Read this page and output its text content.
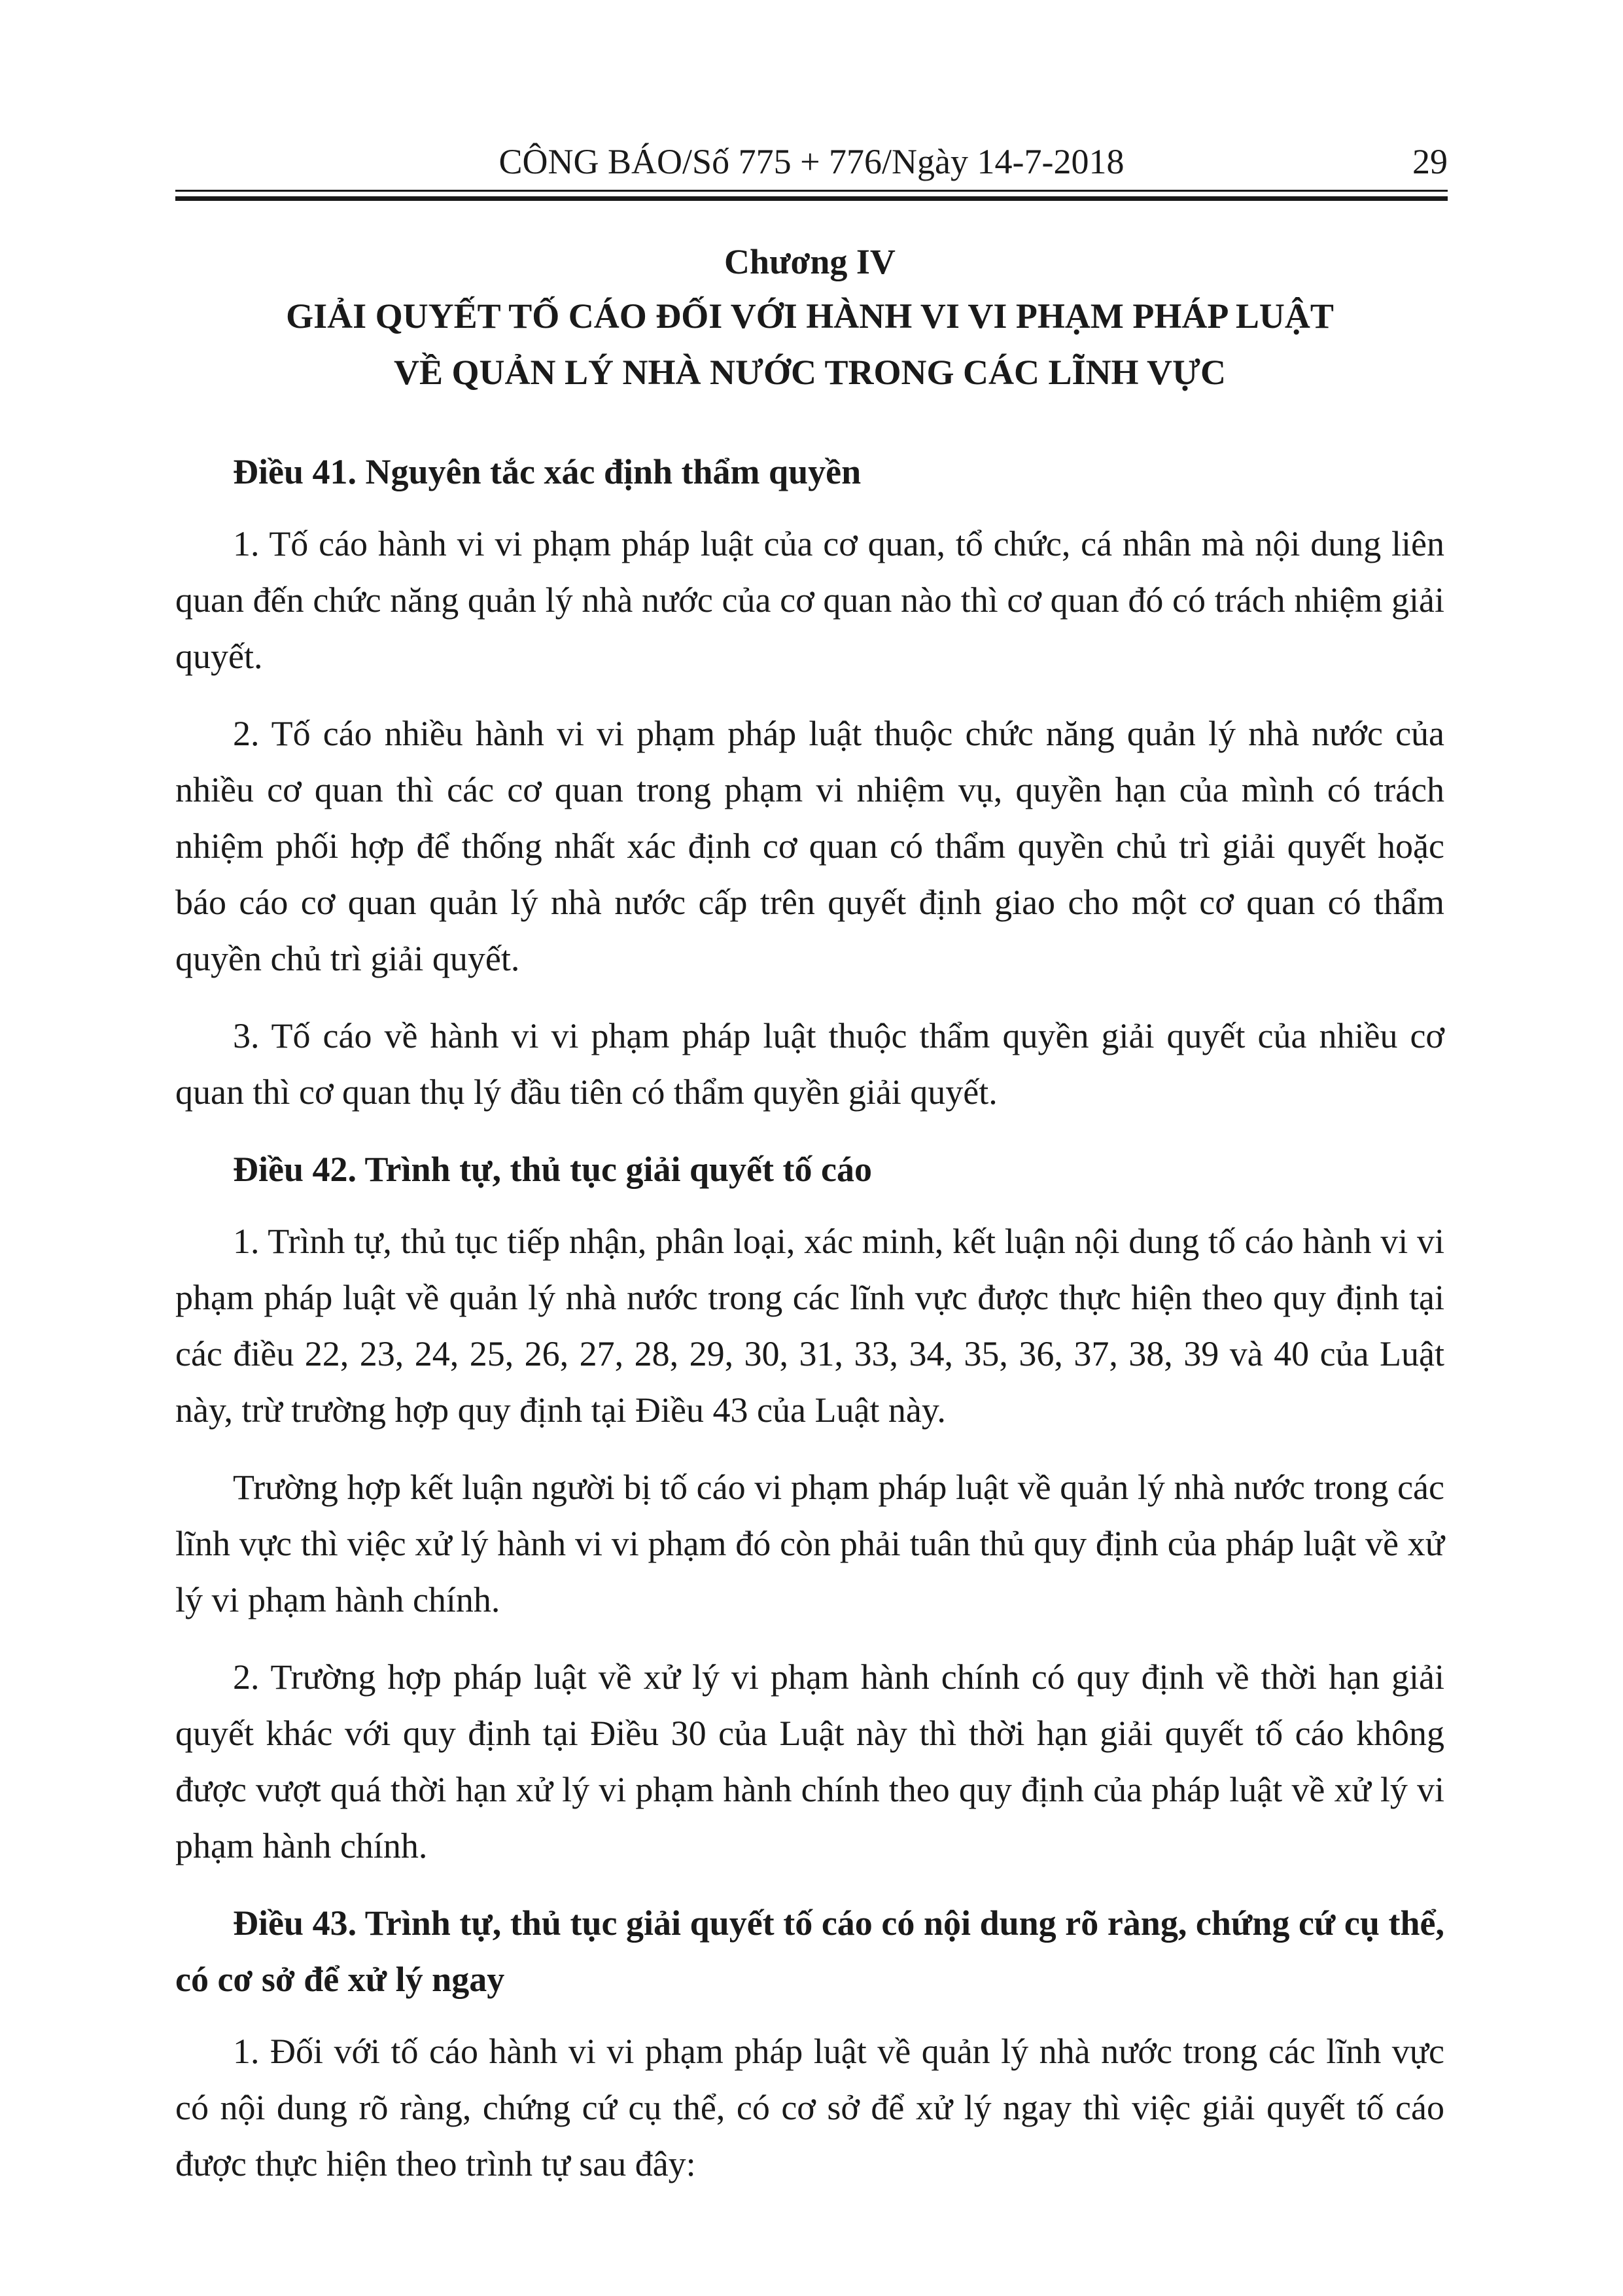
CÔNG BÁO/Số 775 + 776/Ngày 14-7-2018	29
Chương IV
GIẢI QUYẾT TỐ CÁO ĐỐI VỚI HÀNH VI VI PHẠM PHÁP LUẬT
VỀ QUẢN LÝ NHÀ NƯỚC TRONG CÁC LĨNH VỰC
Điều 41. Nguyên tắc xác định thẩm quyền

1. Tố cáo hành vi vi phạm pháp luật của cơ quan, tổ chức, cá nhân mà nội dung liên quan đến chức năng quản lý nhà nước của cơ quan nào thì cơ quan đó có trách nhiệm giải quyết.

2. Tố cáo nhiều hành vi vi phạm pháp luật thuộc chức năng quản lý nhà nước của nhiều cơ quan thì các cơ quan trong phạm vi nhiệm vụ, quyền hạn của mình có trách nhiệm phối hợp để thống nhất xác định cơ quan có thẩm quyền chủ trì giải quyết hoặc báo cáo cơ quan quản lý nhà nước cấp trên quyết định giao cho một cơ quan có thẩm quyền chủ trì giải quyết.

3. Tố cáo về hành vi vi phạm pháp luật thuộc thẩm quyền giải quyết của nhiều cơ quan thì cơ quan thụ lý đầu tiên có thẩm quyền giải quyết.

Điều 42. Trình tự, thủ tục giải quyết tố cáo

1. Trình tự, thủ tục tiếp nhận, phân loại, xác minh, kết luận nội dung tố cáo hành vi vi phạm pháp luật về quản lý nhà nước trong các lĩnh vực được thực hiện theo quy định tại các điều 22, 23, 24, 25, 26, 27, 28, 29, 30, 31, 33, 34, 35, 36, 37, 38, 39 và 40 của Luật này, trừ trường hợp quy định tại Điều 43 của Luật này.

Trường hợp kết luận người bị tố cáo vi phạm pháp luật về quản lý nhà nước trong các lĩnh vực thì việc xử lý hành vi vi phạm đó còn phải tuân thủ quy định của pháp luật về xử lý vi phạm hành chính.

2. Trường hợp pháp luật về xử lý vi phạm hành chính có quy định về thời hạn giải quyết khác với quy định tại Điều 30 của Luật này thì thời hạn giải quyết tố cáo không được vượt quá thời hạn xử lý vi phạm hành chính theo quy định của pháp luật về xử lý vi phạm hành chính.

Điều 43. Trình tự, thủ tục giải quyết tố cáo có nội dung rõ ràng, chứng cứ cụ thể, có cơ sở để xử lý ngay

1. Đối với tố cáo hành vi vi phạm pháp luật về quản lý nhà nước trong các lĩnh vực có nội dung rõ ràng, chứng cứ cụ thể, có cơ sở để xử lý ngay thì việc giải quyết tố cáo được thực hiện theo trình tự sau đây:
